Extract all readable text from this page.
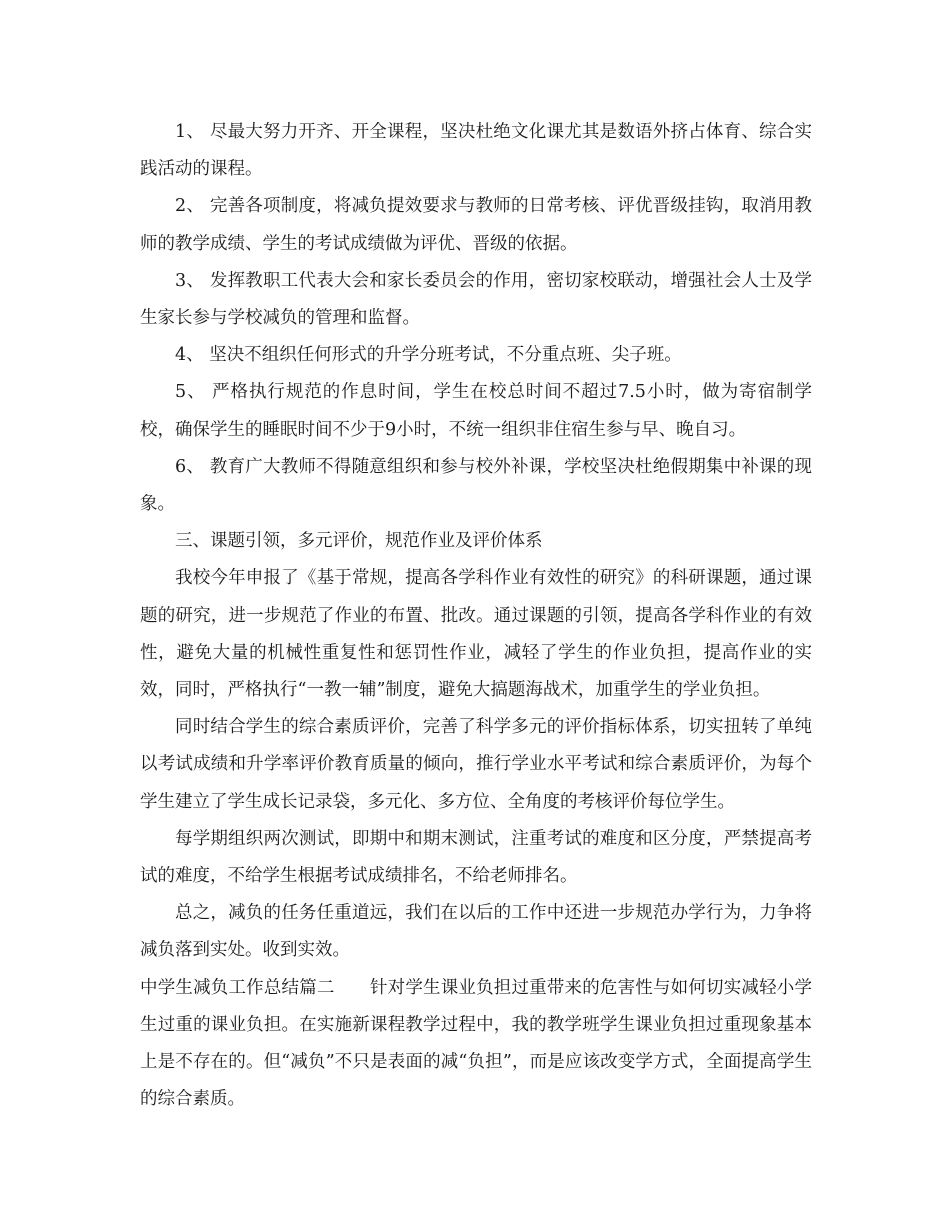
1、 尽最大努力开齐、开全课程，坚决杜绝文化课尤其是数语外挤占体育、综合实践活动的课程。

2、 完善各项制度，将减负提效要求与教师的日常考核、评优晋级挂钩，取消用教师的教学成绩、学生的考试成绩做为评优、晋级的依据。

3、 发挥教职工代表大会和家长委员会的作用，密切家校联动，增强社会人士及学生家长参与学校减负的管理和监督。

4、 坚决不组织任何形式的升学分班考试，不分重点班、尖子班。

5、 严格执行规范的作息时间，学生在校总时间不超过7.5小时，做为寄宿制学校，确保学生的睡眠时间不少于9小时，不统一组织非住宿生参与早、晚自习。

6、 教育广大教师不得随意组织和参与校外补课，学校坚决杜绝假期集中补课的现象。

三、课题引领，多元评价，规范作业及评价体系

我校今年申报了《基于常规，提高各学科作业有效性的研究》的科研课题，通过课题的研究，进一步规范了作业的布置、批改。通过课题的引领，提高各学科作业的有效性，避免大量的机械性重复性和惩罚性作业，减轻了学生的作业负担，提高作业的实效，同时，严格执行“一教一辅”制度，避免大搞题海战术，加重学生的学业负担。

同时结合学生的综合素质评价，完善了科学多元的评价指标体系，切实扭转了单纯以考试成绩和升学率评价教育质量的倾向，推行学业水平考试和综合素质评价，为每个学生建立了学生成长记录袋，多元化、多方位、全角度的考核评价每位学生。

每学期组织两次测试，即期中和期末测试，注重考试的难度和区分度，严禁提高考试的难度，不给学生根据考试成绩排名，不给老师排名。

总之，减负的任务任重道远，我们在以后的工作中还进一步规范办学行为，力争将减负落到实处。收到实效。

中学生减负工作总结篇二　　针对学生课业负担过重带来的危害性与如何切实减轻小学生过重的课业负担。在实施新课程教学过程中，我的教学班学生课业负担过重现象基本上是不存在的。但“减负”不只是表面的减“负担”，而是应该改变学方式，全面提高学生的综合素质。
